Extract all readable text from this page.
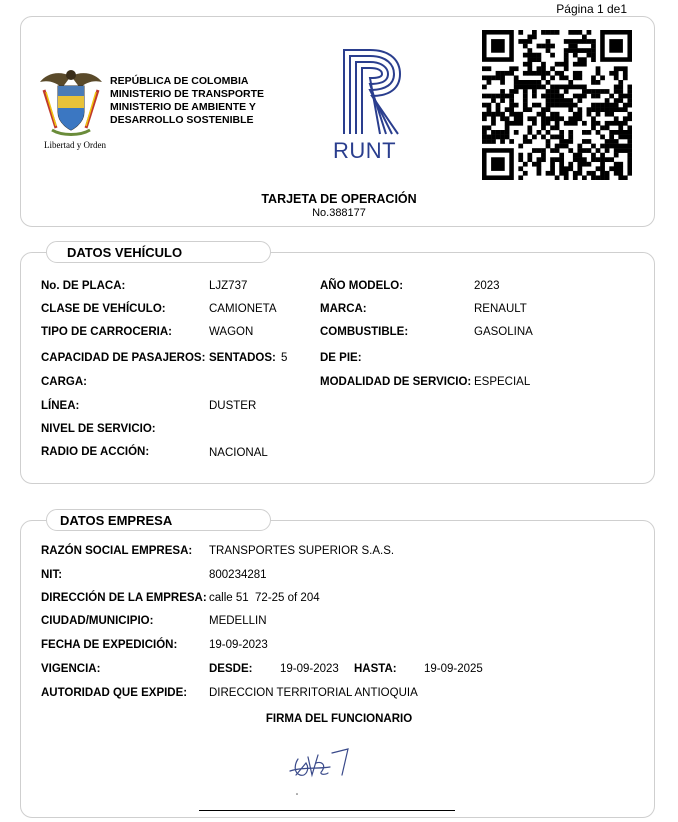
Página 1 de1
Libertad y Orden
REPÚBLICA DE COLOMBIA
MINISTERIO DE TRANSPORTE
MINISTERIO DE AMBIENTE Y
DESARROLLO SOSTENIBLE
RUNT
TARJETA DE OPERACIÓN
No.388177
DATOS VEHÍCULO
No. DE PLACA:	LJZ737	AÑO MODELO:	2023
CLASE DE VEHÍCULO:	CAMIONETA	MARCA:	RENAULT
TIPO DE CARROCERIA:	WAGON	COMBUSTIBLE:	GASOLINA
CAPACIDAD DE PASAJEROS: SENTADOS: 5	DE PIE:
CARGA:	MODALIDAD DE SERVICIO: ESPECIAL
LÍNEA:	DUSTER
NIVEL DE SERVICIO:
RADIO DE ACCIÓN:	NACIONAL
DATOS EMPRESA
RAZÓN SOCIAL EMPRESA: TRANSPORTES SUPERIOR S.A.S.
NIT:	800234281
DIRECCIÓN DE LA EMPRESA: calle 51  72-25 of 204
CIUDAD/MUNICIPIO:	MEDELLIN
FECHA DE EXPEDICIÓN:	19-09-2023
VIGENCIA:	DESDE: 19-09-2023 HASTA: 19-09-2025
AUTORIDAD QUE EXPIDE: DIRECCION TERRITORIAL ANTIOQUIA
FIRMA DEL FUNCIONARIO
